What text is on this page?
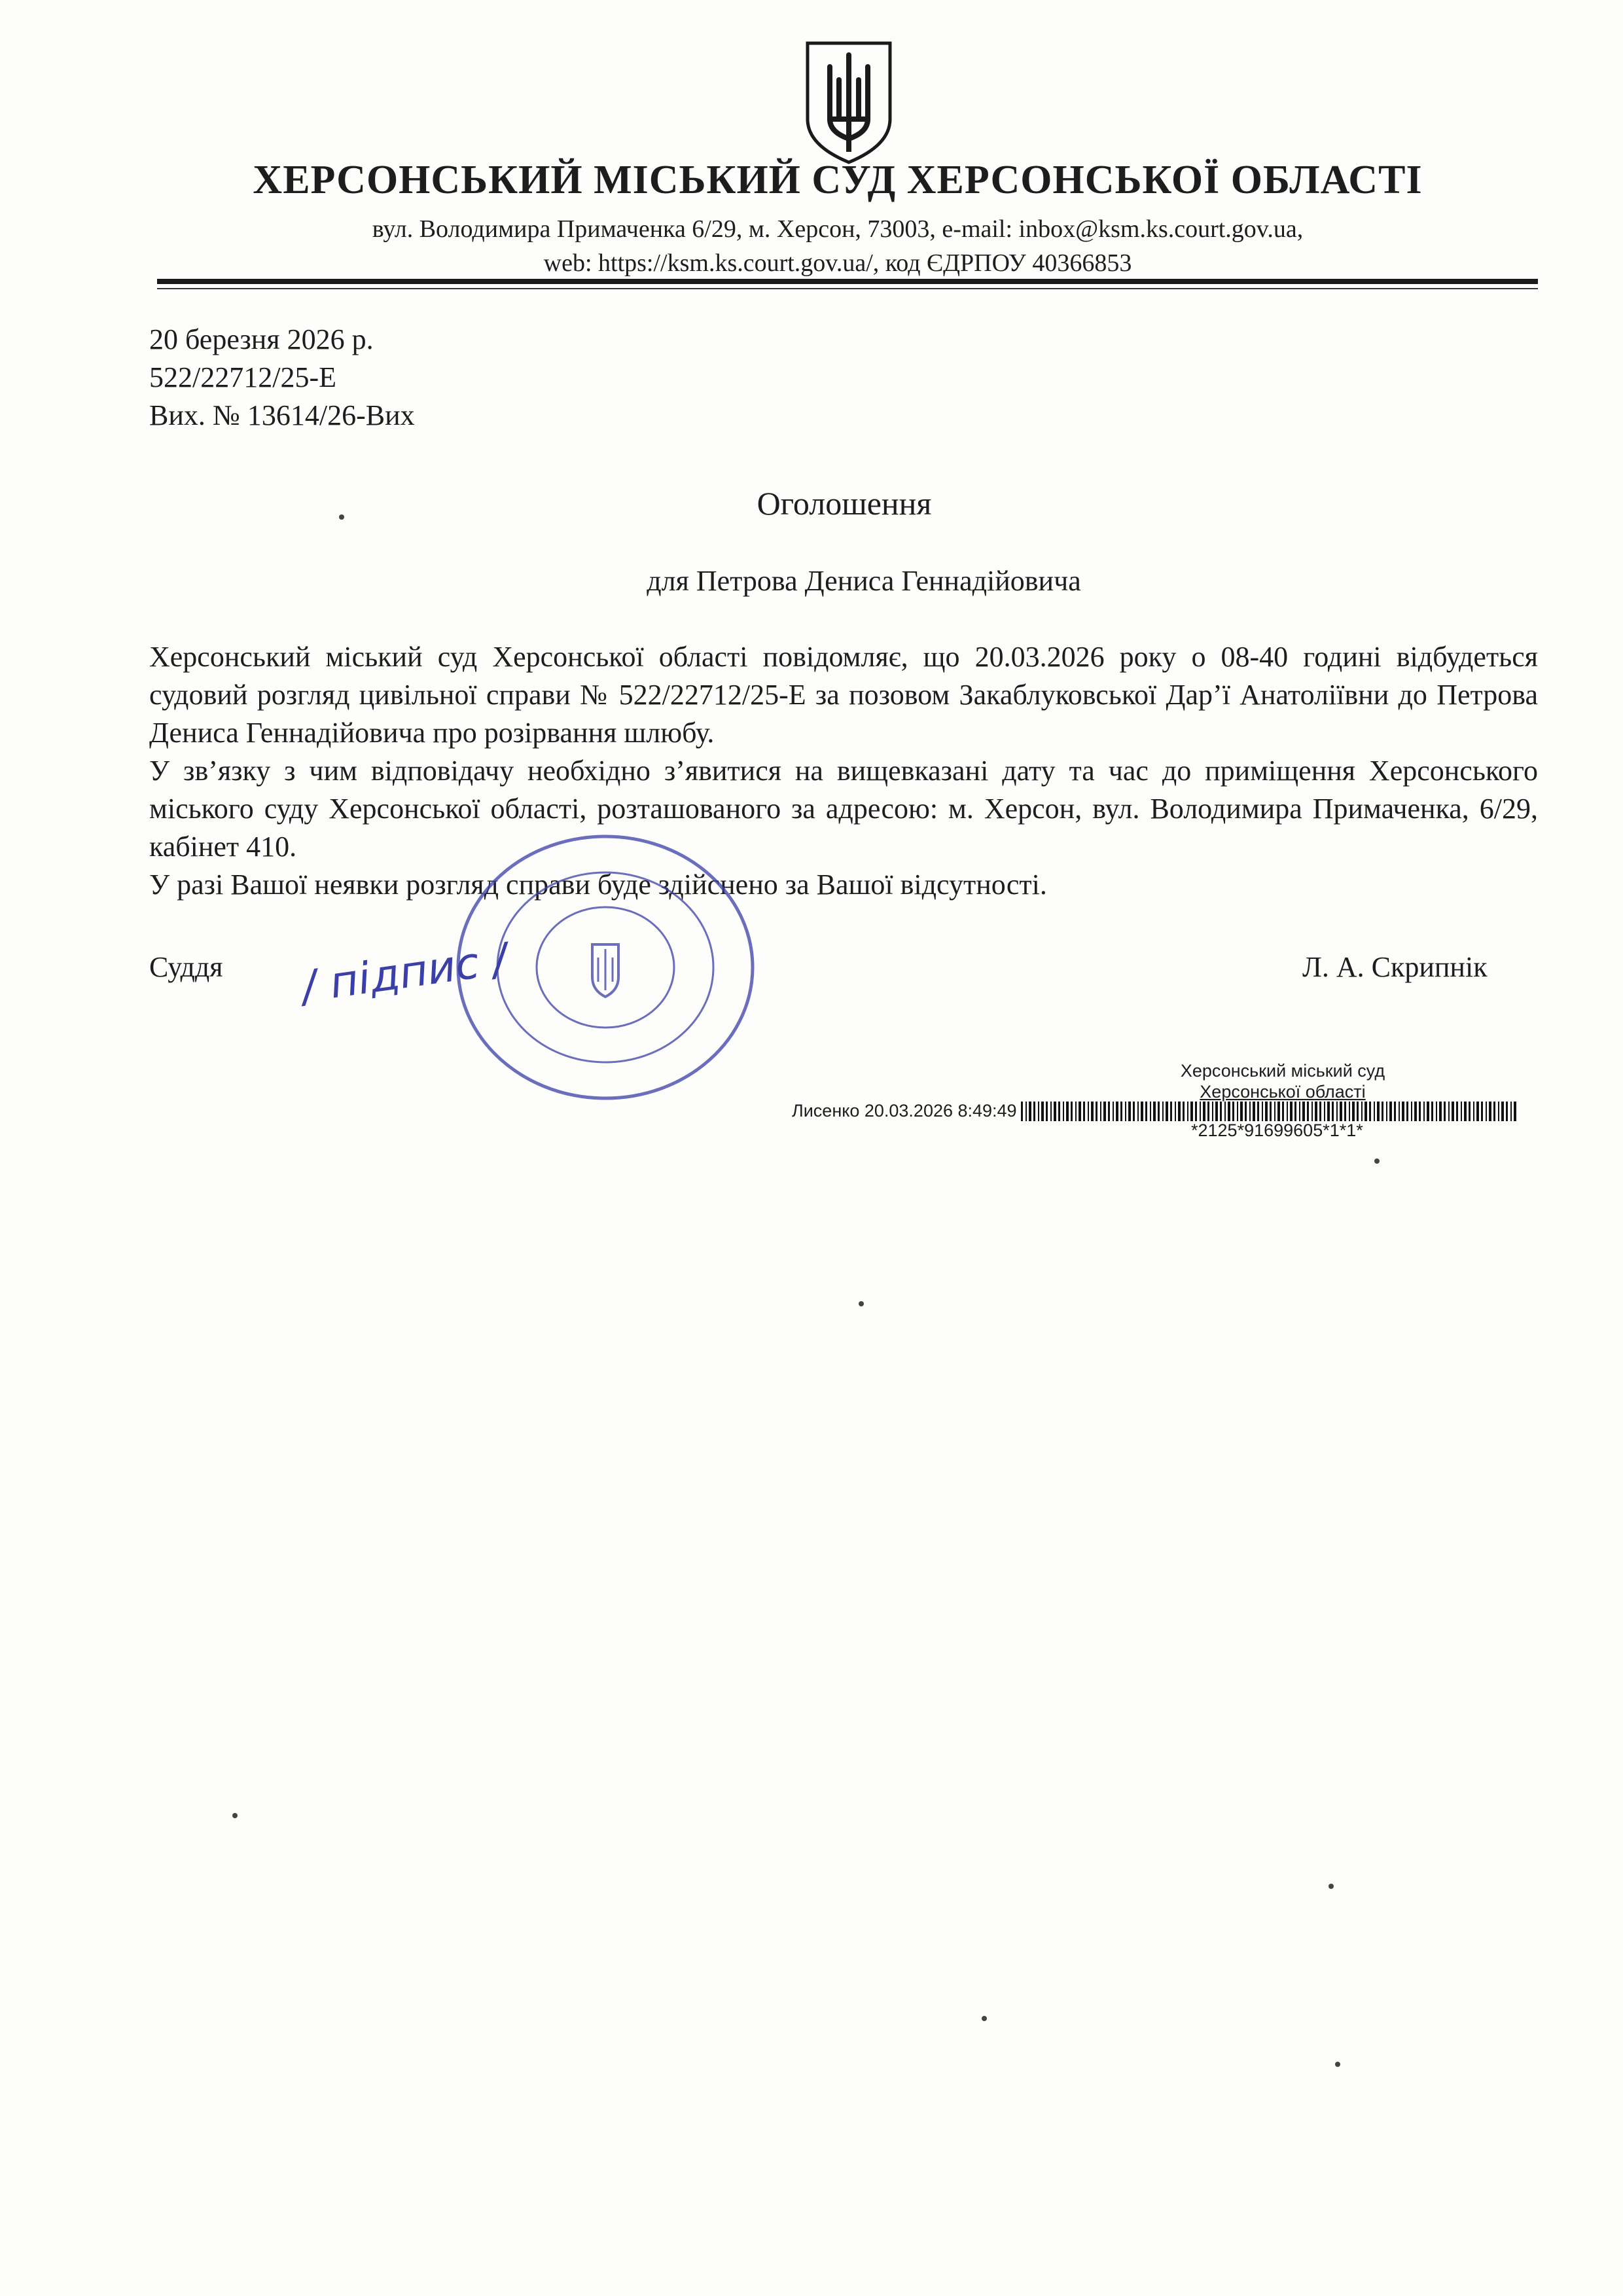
ХЕРСОНСЬКИЙ МІСЬКИЙ СУД ХЕРСОНСЬКОЇ ОБЛАСТІ
вул. Володимира Примаченка 6/29, м. Херсон, 73003, e-mail: inbox@ksm.ks.court.gov.ua,
web: https://ksm.ks.court.gov.ua/, код ЄДРПОУ 40366853
20 березня 2026 р.
522/22712/25-Е
Вих. № 13614/26-Вих
Оголошення
для Петрова Дениса Геннадійовича

Херсонський міський суд Херсонської області повідомляє, що 20.03.2026 року о 08-40 годині відбудеться судовий розгляд цивільної справи № 522/22712/25-Е за позовом Закаблуковської Дар’ї Анатоліївни до Петрова Дениса Геннадійовича про розірвання шлюбу.

У зв’язку з чим відповідачу необхідно з’явитися на вищевказані дату та час до приміщення Херсонського міського суду Херсонської області, розташованого за адресою: м. Херсон, вул. Володимира Примаченка, 6/29, кабінет 410.

У разі Вашої неявки розгляд справи буде здійснено за Вашої відсутності.

Суддя / підпис /	Л. А. Скрипнік
Херсонський міський суд
Херсонської області
Лисенко 20.03.2026 8:49:49
*2125*91699605*1*1*
